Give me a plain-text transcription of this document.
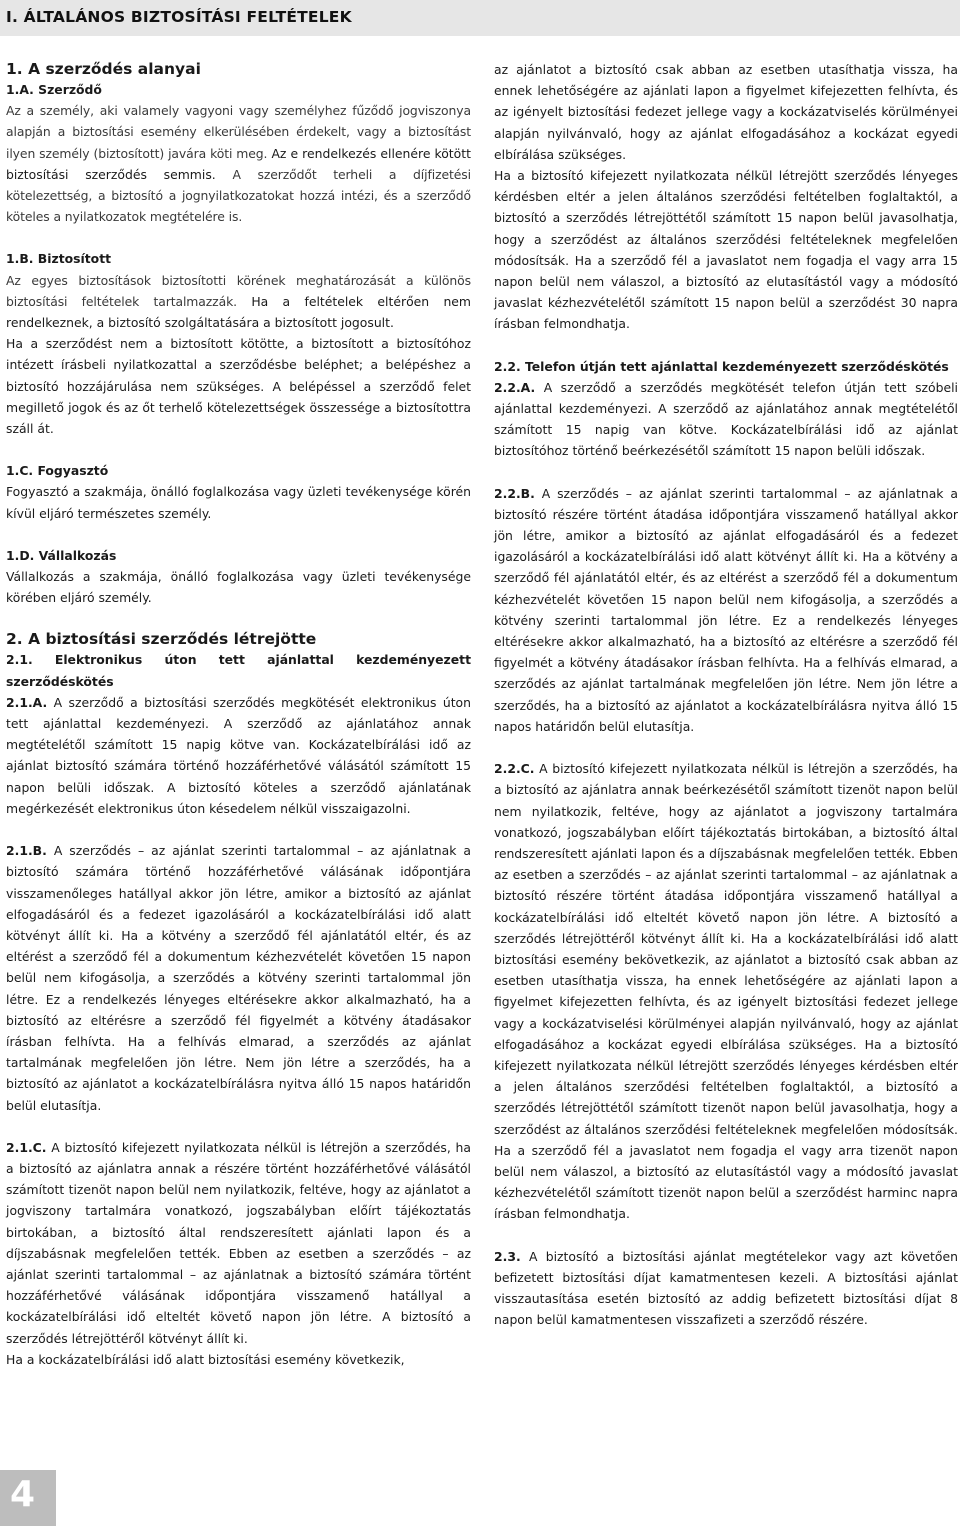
I. ÁLTALÁNOS BIZTOSÍTÁSI FELTÉTELEK

1. A szerződés alanyai

1.A. Szerződő

Az a személy, aki valamely vagyoni vagy személyhez fűződő jogviszonya alapján a biztosítási esemény elkerülésében érdekelt, vagy a biztosítást ilyen személy (biztosított) javára köti meg. Az e rendelkezés ellenére kötött biztosítási szerződés semmis. A szerződőt terheli a díjfizetési kötelezettség, a biztosító a jognyilatkozatokat hozzá intézi, és a szerződő köteles a nyilatkozatok megtételére is.

1.B. Biztosított

Az egyes biztosítások biztosítotti körének meghatározását a különös biztosítási feltételek tartalmazzák. Ha a feltételek eltérően nem rendelkeznek, a biztosító szolgáltatására a biztosított jogosult.

Ha a szerződést nem a biztosított kötötte, a biztosított a biztosítóhoz intézett írásbeli nyilatkozattal a szerződésbe beléphet; a belépéshez a biztosító hozzájárulása nem szükséges. A belépéssel a szerződő felet megillető jogok és az őt terhelő kötelezettségek összessége a biztosítottra száll át.

1.C. Fogyasztó

Fogyasztó a szakmája, önálló foglalkozása vagy üzleti tevékenysége körén kívül eljáró természetes személy.

1.D. Vállalkozás

Vállalkozás a szakmája, önálló foglalkozása vagy üzleti tevékenysége körében eljáró személy.

2. A biztosítási szerződés létrejötte

2.1. Elektronikus úton tett ajánlattal kezdeményezett szerződéskötés

2.1.A. A szerződő a biztosítási szerződés megkötését elektronikus úton tett ajánlattal kezdeményezi. A szerződő az ajánlatához annak megtételétől számított 15 napig kötve van. Kockázatelbírálási idő az ajánlat biztosító számára történő hozzáférhetővé válásától számított 15 napon belüli időszak. A biztosító köteles a szerződő ajánlatának megérkezését elektronikus úton késedelem nélkül visszaigazolni.

2.1.B. A szerződés – az ajánlat szerinti tartalommal – az ajánlatnak a biztosító számára történő hozzáférhetővé válásának időpontjára visszamenőleges hatállyal akkor jön létre, amikor a biztosító az ajánlat elfogadásáról és a fedezet igazolásáról a kockázatelbírálási idő alatt kötvényt állít ki. Ha a kötvény a szerződő fél ajánlatától eltér, és az eltérést a szerződő fél a dokumentum kézhezvételét követően 15 napon belül nem kifogásolja, a szerződés a kötvény szerinti tartalommal jön létre. Ez a rendelkezés lényeges eltérésekre akkor alkalmazható, ha a biztosító az eltérésre a szerződő fél figyelmét a kötvény átadásakor írásban felhívta. Ha a felhívás elmarad, a szerződés az ajánlat tartalmának megfelelően jön létre. Nem jön létre a szerződés, ha a biztosító az ajánlatot a kockázatelbírálásra nyitva álló 15 napos határidőn belül elutasítja.

2.1.C. A biztosító kifejezett nyilatkozata nélkül is létrejön a szerződés, ha a biztosító az ajánlatra annak a részére történt hozzáférhetővé válásától számított tizenöt napon belül nem nyilatkozik, feltéve, hogy az ajánlatot a jogviszony tartalmára vonatkozó, jogszabályban előírt tájékoztatás birtokában, a biztosító által rendszeresített ajánlati lapon és a díjszabásnak megfelelően tették. Ebben az esetben a szerződés – az ajánlat szerinti tartalommal – az ajánlatnak a biztosító számára történt hozzáférhetővé válásának időpontjára visszamenő hatállyal a kockázatelbírálási idő elteltét követő napon jön létre. A biztosító a szerződés létrejöttéről kötvényt állít ki.

Ha a kockázatelbírálási idő alatt biztosítási esemény következik,

az ajánlatot a biztosító csak abban az esetben utasíthatja vissza, ha ennek lehetőségére az ajánlati lapon a figyelmet kifejezetten felhívta, és az igényelt biztosítási fedezet jellege vagy a kockázatviselés körülményei alapján nyilvánvaló, hogy az ajánlat elfogadásához a kockázat egyedi elbírálása szükséges.

Ha a biztosító kifejezett nyilatkozata nélkül létrejött szerződés lényeges kérdésben eltér a jelen általános szerződési feltételben foglaltaktól, a biztosító a szerződés létrejöttétől számított 15 napon belül javasolhatja, hogy a szerződést az általános szerződési feltételeknek megfelelően módosítsák. Ha a szerződő fél a javaslatot nem fogadja el vagy arra 15 napon belül nem válaszol, a biztosító az elutasítástól vagy a módosító javaslat kézhezvételétől számított 15 napon belül a szerződést 30 napra írásban felmondhatja.

2.2. Telefon útján tett ajánlattal kezdeményezett szerződéskötés

2.2.A. A szerződő a szerződés megkötését telefon útján tett szóbeli ajánlattal kezdeményezi. A szerződő az ajánlatához annak megtételétől számított 15 napig van kötve. Kockázatelbírálási idő az ajánlat biztosítóhoz történő beérkezésétől számított 15 napon belüli időszak.

2.2.B. A szerződés – az ajánlat szerinti tartalommal – az ajánlatnak a biztosító részére történt átadása időpontjára visszamenő hatállyal akkor jön létre, amikor a biztosító az ajánlat elfogadásáról és a fedezet igazolásáról a kockázatelbírálási idő alatt kötvényt állít ki. Ha a kötvény a szerződő fél ajánlatától eltér, és az eltérést a szerződő fél a dokumentum kézhezvételét követően 15 napon belül nem kifogásolja, a szerződés a kötvény szerinti tartalommal jön létre. Ez a rendelkezés lényeges eltérésekre akkor alkalmazható, ha a biztosító az eltérésre a szerződő fél figyelmét a kötvény átadásakor írásban felhívta. Ha a felhívás elmarad, a szerződés az ajánlat tartalmának megfelelően jön létre. Nem jön létre a szerződés, ha a biztosító az ajánlatot a kockázatelbírálásra nyitva álló 15 napos határidőn belül elutasítja.

2.2.C. A biztosító kifejezett nyilatkozata nélkül is létrejön a szerződés, ha a biztosító az ajánlatra annak beérkezésétől számított tizenöt napon belül nem nyilatkozik, feltéve, hogy az ajánlatot a jogviszony tartalmára vonatkozó, jogszabályban előírt tájékoztatás birtokában, a biztosító által rendszeresített ajánlati lapon és a díjszabásnak megfelelően tették. Ebben az esetben a szerződés – az ajánlat szerinti tartalommal – az ajánlatnak a biztosító részére történt átadása időpontjára visszamenő hatállyal a kockázatelbírálási idő elteltét követő napon jön létre. A biztosító a szerződés létrejöttéről kötvényt állít ki. Ha a kockázatelbírálási idő alatt biztosítási esemény bekövetkezik, az ajánlatot a biztosító csak abban az esetben utasíthatja vissza, ha ennek lehetőségére az ajánlati lapon a figyelmet kifejezetten felhívta, és az igényelt biztosítási fedezet jellege vagy a kockázatviselési körülményei alapján nyilvánvaló, hogy az ajánlat elfogadásához a kockázat egyedi elbírálása szükséges. Ha a biztosító kifejezett nyilatkozata nélkül létrejött szerződés lényeges kérdésben eltér a jelen általános szerződési feltételben foglaltaktól, a biztosító a szerződés létrejöttétől számított tizenöt napon belül javasolhatja, hogy a szerződést az általános szerződési feltételeknek megfelelően módosítsák. Ha a szerződő fél a javaslatot nem fogadja el vagy arra tizenöt napon belül nem válaszol, a biztosító az elutasítástól vagy a módosító javaslat kézhezvételétől számított tizenöt napon belül a szerződést harminc napra írásban felmondhatja.

2.3. A biztosító a biztosítási ajánlat megtételekor vagy azt követően befizetett biztosítási díjat kamatmentesen kezeli. A biztosítási ajánlat visszautasítása esetén biztosító az addig befizetett biztosítási díjat 8 napon belül kamatmentesen visszafizeti a szerződő részére.

4
